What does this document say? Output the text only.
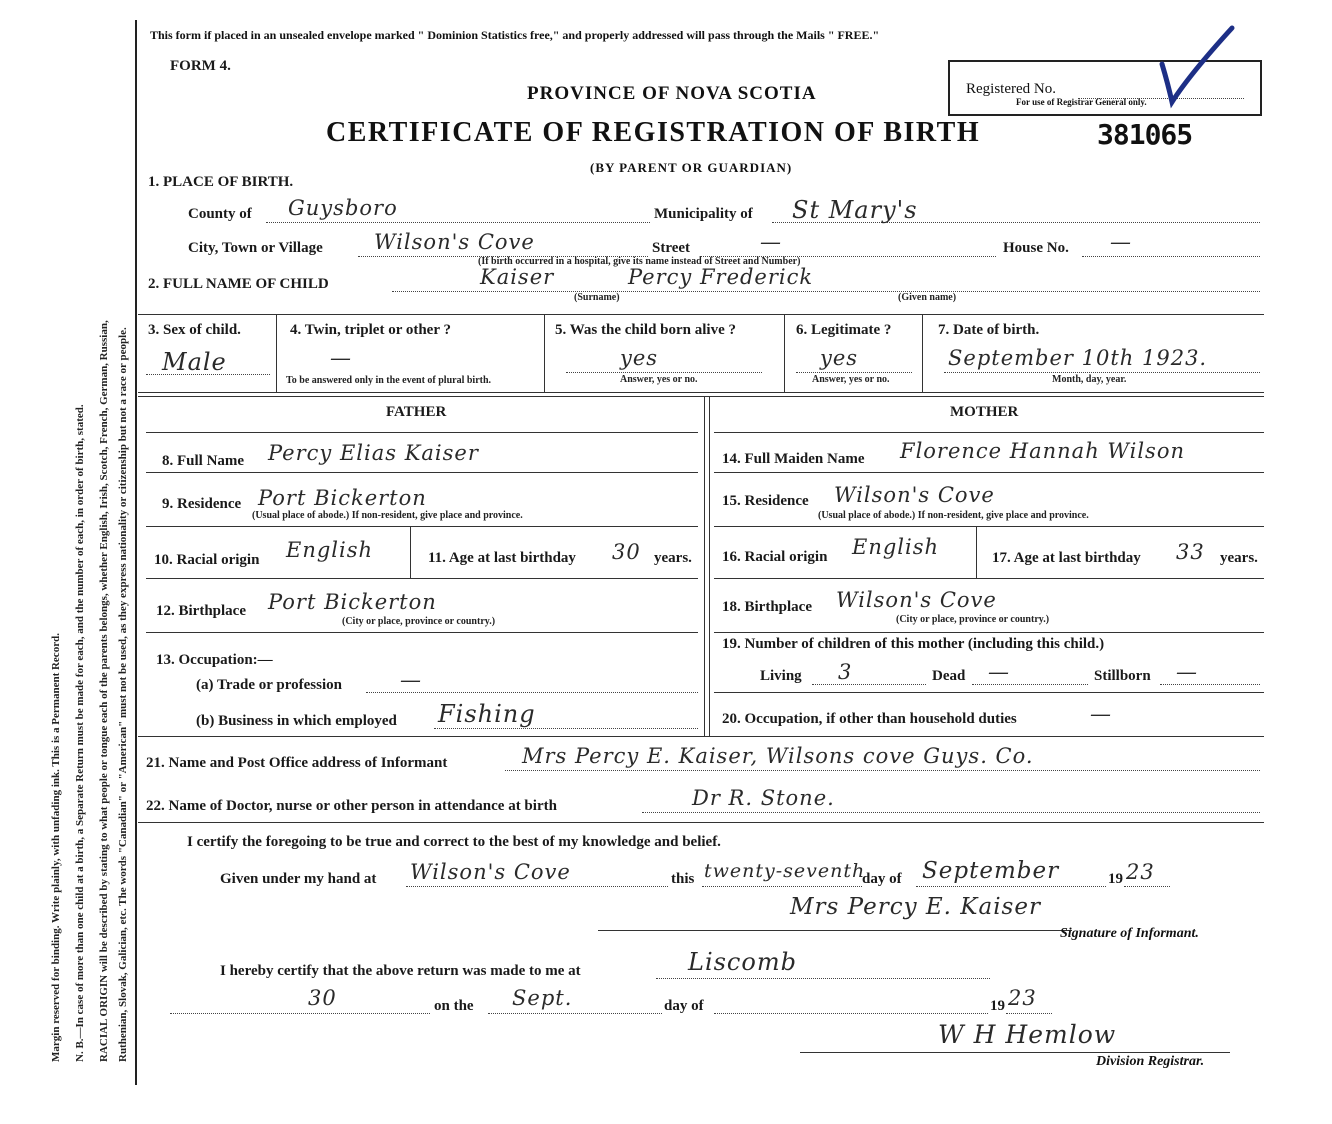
Margin reserved for binding. Write plainly, with unfading ink. This is a Permanent Record. N. B.—In case of more than one child at a birth, a Separate Return must be made for each, and the number of each, in order of birth, stated. RACIAL ORIGIN will be described by stating to what people or tongue each of the parents belongs, whether English, Irish, Scotch, French, German, Russian, Ruthenian, Slovak, Galician, etc. The words "Canadian" or "American" must not be used, as they express nationality or citizenship but not a race or people.
This form if placed in an unsealed envelope marked " Dominion Statistics free," and properly addressed will pass through the Mails " FREE."
FORM 4.
PROVINCE OF NOVA SCOTIA
CERTIFICATE OF REGISTRATION OF BIRTH
(BY PARENT OR GUARDIAN)
Registered No.
For use of Registrar General only.
381065
1. PLACE OF BIRTH.
County of Guysboro	Municipality of St Mary's
City, Town or Village Wilson's Cove	Street	—	House No. —
(If birth occurred in a hospital, give its name instead of Street and Number)
2. FULL NAME OF CHILD	Kaiser	Percy Frederick
(Surname)	(Given name)
3. Sex of child.
Male
4. Twin, triplet or other ?
—
To be answered only in the event of plural birth.
5. Was the child born alive ?
yes
Answer, yes or no.
6. Legitimate ?
yes
Answer, yes or no.
7. Date of birth.
September 10th 1923.
Month, day, year.
FATHER	MOTHER
8. Full Name Percy Elias Kaiser
9. Residence Port Bickerton
(Usual place of abode.) If non-resident, give place and province.
10. Racial origin English	11. Age at last birthday 30 years.
12. Birthplace Port Bickerton
(City or place, province or country.)
13. Occupation:—
(a) Trade or profession	—
(b) Business in which employed Fishing
14. Full Maiden Name Florence Hannah Wilson
15. Residence Wilson's Cove
(Usual place of abode.) If non-resident, give place and province.
16. Racial origin English	17. Age at last birthday 33 years.
18. Birthplace Wilson's Cove
(City or place, province or country.)
19. Number of children of this mother (including this child.)
Living 3	Dead —	Stillborn —
20. Occupation, if other than household duties	—
21. Name and Post Office address of Informant	Mrs Percy E. Kaiser, Wilsons cove Guys. Co.
22. Name of Doctor, nurse or other person in attendance at birth	Dr R. Stone.
I certify the foregoing to be true and correct to the best of my knowledge and belief.
Given under my hand at Wilson's Cove	this twenty-seventh
day of September	19 23
Mrs Percy E. Kaiser
Signature of Informant.
I hereby certify that the above return was made to me at	Liscomb
30	on the Sept.	day of	19 23
W H Hemlow
Division Registrar.
